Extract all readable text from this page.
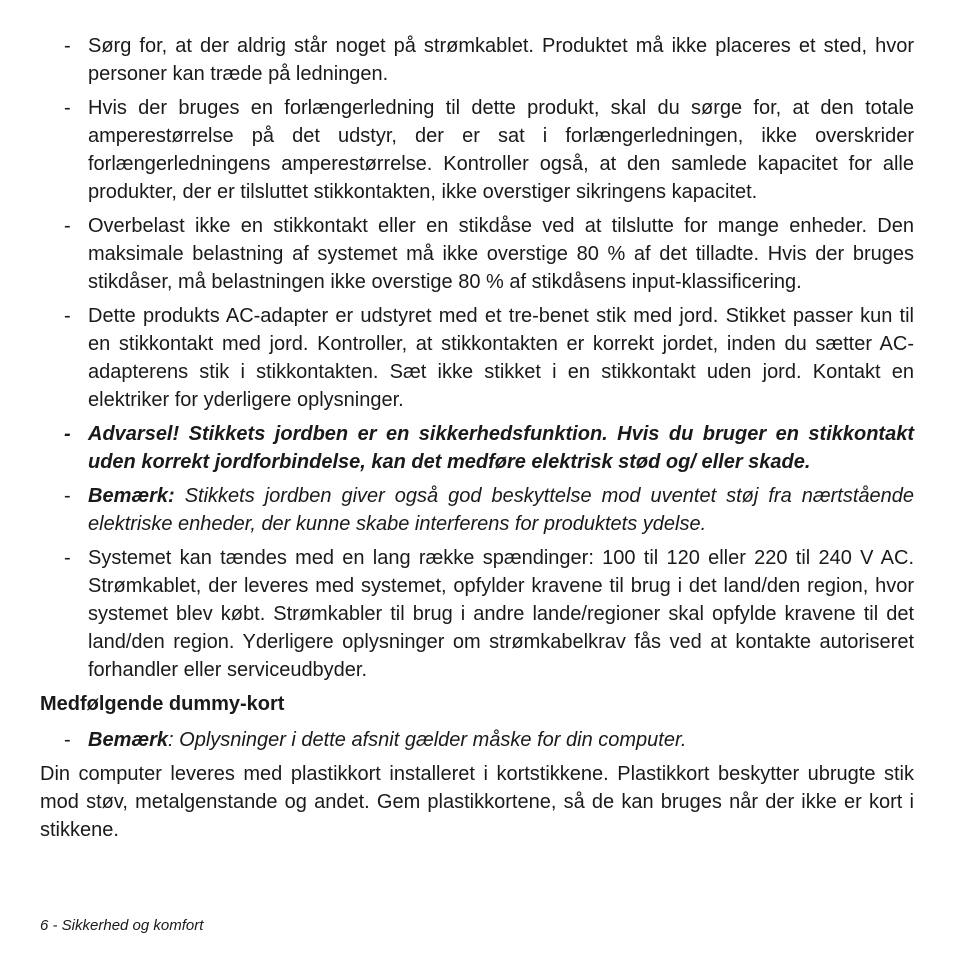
- Sørg for, at der aldrig står noget på strømkablet. Produktet må ikke placeres et sted, hvor personer kan træde på ledningen.
- Hvis der bruges en forlængerledning til dette produkt, skal du sørge for, at den totale amperestørrelse på det udstyr, der er sat i forlængerledningen, ikke overskrider forlængerledningens amperestørrelse. Kontroller også, at den samlede kapacitet for alle produkter, der er tilsluttet stikkontakten, ikke overstiger sikringens kapacitet.
- Overbelast ikke en stikkontakt eller en stikdåse ved at tilslutte for mange enheder. Den maksimale belastning af systemet må ikke overstige 80 % af det tilladte. Hvis der bruges stikdåser, må belastningen ikke overstige 80 % af stikdåsens input-klassificering.
- Dette produkts AC-adapter er udstyret med et tre-benet stik med jord. Stikket passer kun til en stikkontakt med jord. Kontroller, at stikkontakten er korrekt jordet, inden du sætter AC-adapterens stik i stikkontakten. Sæt ikke stikket i en stikkontakt uden jord. Kontakt en elektriker for yderligere oplysninger.
- Advarsel! Stikkets jordben er en sikkerhedsfunktion. Hvis du bruger en stikkontakt uden korrekt jordforbindelse, kan det medføre elektrisk stød og/ eller skade.
- Bemærk: Stikkets jordben giver også god beskyttelse mod uventet støj fra nærtstående elektriske enheder, der kunne skabe interferens for produktets ydelse.
- Systemet kan tændes med en lang række spændinger: 100 til 120 eller 220 til 240 V AC. Strømkablet, der leveres med systemet, opfylder kravene til brug i det land/den region, hvor systemet blev købt. Strømkabler til brug i andre lande/regioner skal opfylde kravene til det land/den region. Yderligere oplysninger om strømkabelkrav fås ved at kontakte autoriseret forhandler eller serviceudbyder.
Medfølgende dummy-kort
- Bemærk: Oplysninger i dette afsnit gælder måske for din computer.
Din computer leveres med plastikkort installeret i kortstikkene. Plastikkort beskytter ubrugte stik mod støv, metalgenstande og andet. Gem plastikkortene, så de kan bruges når der ikke er kort i stikkene.
6 - Sikkerhed og komfort
